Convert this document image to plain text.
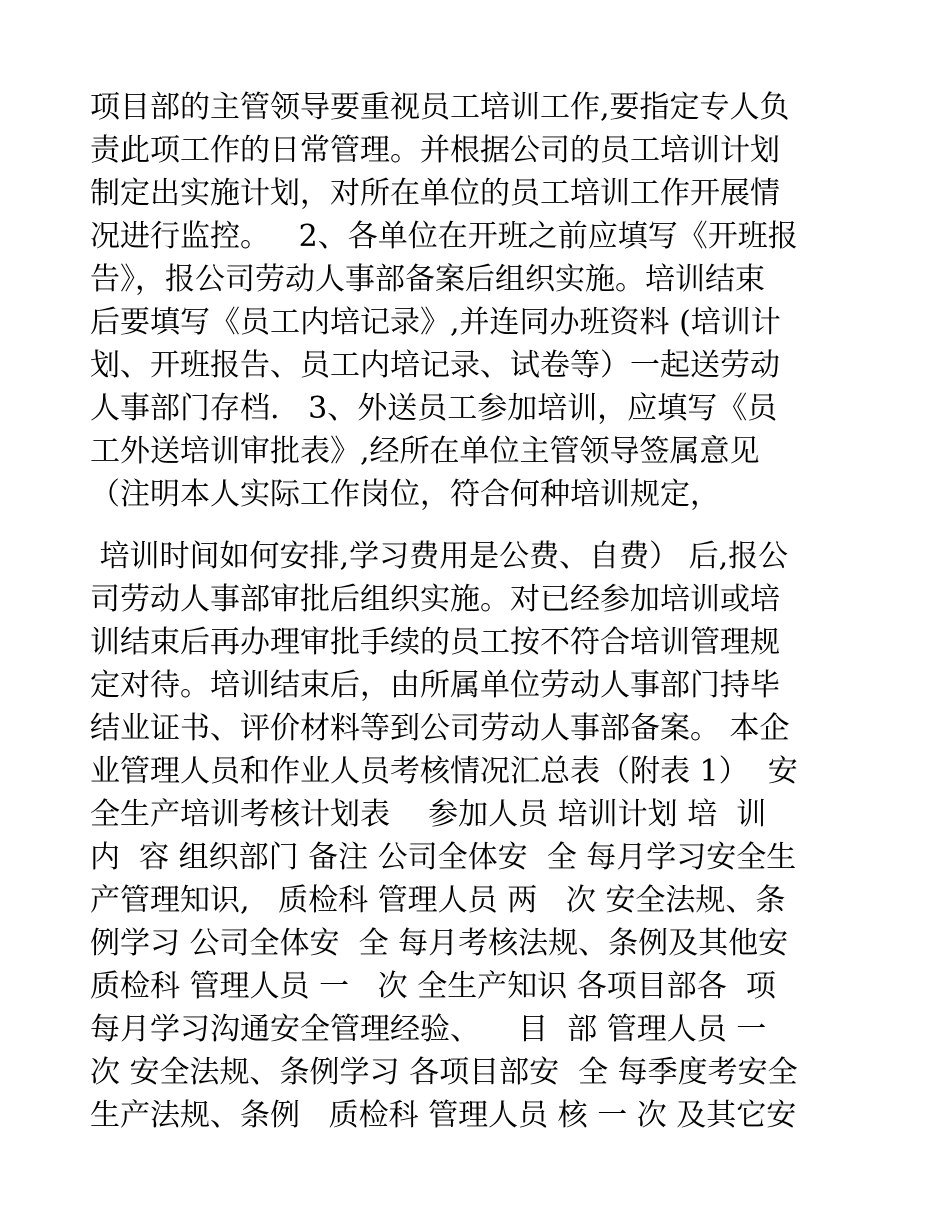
项目部的主管领导要重视员工培训工作,要指定专人负
责此项工作的日常管理。并根据公司的员工培训计划
制定出实施计划，对所在单位的员工培训工作开展情
况进行监控。   2、各单位在开班之前应填写《开班报
告》，报公司劳动人事部备案后组织实施。培训结束
后要填写《员工内培记录》,并连同办班资料 (培训计
划、开班报告、员工内培记录、试卷等）一起送劳动
人事部门存档.   3、外送员工参加培训，应填写《员
工外送培训审批表》,经所在单位主管领导签属意见
（注明本人实际工作岗位，符合何种培训规定，

培训时间如何安排,学习费用是公费、自费） 后,报公
司劳动人事部审批后组织实施。对已经参加培训或培
训结束后再办理审批手续的员工按不符合培训管理规
定对待。培训结束后，由所属单位劳动人事部门持毕
结业证书、评价材料等到公司劳动人事部备案。 本企
业管理人员和作业人员考核情况汇总表（附表 1）  安
全生产培训考核计划表    参加人员 培训计划 培  训
内  容 组织部门 备注 公司全体安  全 每月学习安全生
产管理知识,   质检科 管理人员 两   次 安全法规、条
例学习 公司全体安  全 每月考核法规、条例及其他安
质检科 管理人员 一   次 全生产知识 各项目部各  项
每月学习沟通安全管理经验、    目  部 管理人员 一
次 安全法规、条例学习 各项目部安  全 每季度考安全
生产法规、条例   质检科 管理人员 核 一 次 及其它安
